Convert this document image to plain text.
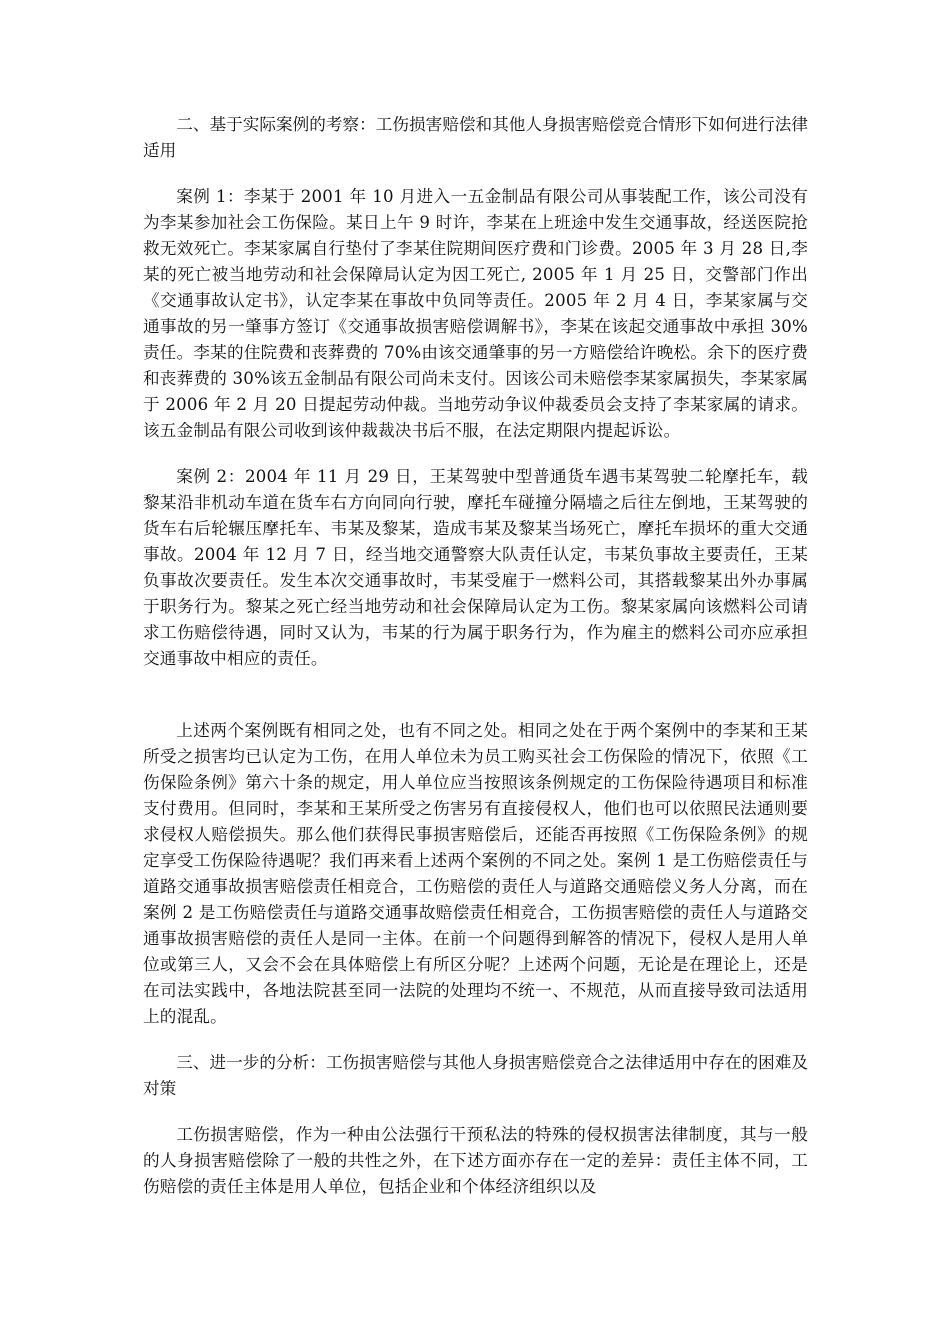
二、基于实际案例的考察：工伤损害赔偿和其他人身损害赔偿竞合情形下如何进行法律适用

案例 1：李某于 2001 年 10 月进入一五金制品有限公司从事装配工作，该公司没有为李某参加社会工伤保险。某日上午 9 时许，李某在上班途中发生交通事故，经送医院抢救无效死亡。李某家属自行垫付了李某住院期间医疗费和门诊费。2005 年 3 月 28 日,李某的死亡被当地劳动和社会保障局认定为因工死亡, 2005 年 1 月 25 日，交警部门作出《交通事故认定书》，认定李某在事故中负同等责任。2005 年 2 月 4 日，李某家属与交通事故的另一肇事方签订《交通事故损害赔偿调解书》，李某在该起交通事故中承担 30%责任。李某的住院费和丧葬费的 70%由该交通肇事的另一方赔偿给许晚松。余下的医疗费和丧葬费的 30%该五金制品有限公司尚未支付。因该公司未赔偿李某家属损失，李某家属于 2006 年 2 月 20 日提起劳动仲裁。当地劳动争议仲裁委员会支持了李某家属的请求。该五金制品有限公司收到该仲裁裁决书后不服，在法定期限内提起诉讼。

案例 2：2004 年 11 月 29 日，王某驾驶中型普通货车遇韦某驾驶二轮摩托车，载黎某沿非机动车道在货车右方向同向行驶，摩托车碰撞分隔墙之后往左倒地，王某驾驶的货车右后轮辗压摩托车、韦某及黎某，造成韦某及黎某当场死亡，摩托车损坏的重大交通事故。2004 年 12 月 7 日，经当地交通警察大队责任认定，韦某负事故主要责任，王某负事故次要责任。发生本次交通事故时，韦某受雇于一燃料公司，其搭载黎某出外办事属于职务行为。黎某之死亡经当地劳动和社会保障局认定为工伤。黎某家属向该燃料公司请求工伤赔偿待遇，同时又认为，韦某的行为属于职务行为，作为雇主的燃料公司亦应承担交通事故中相应的责任。

上述两个案例既有相同之处，也有不同之处。相同之处在于两个案例中的李某和王某所受之损害均已认定为工伤，在用人单位未为员工购买社会工伤保险的情况下，依照《工伤保险条例》第六十条的规定，用人单位应当按照该条例规定的工伤保险待遇项目和标准支付费用。但同时，李某和王某所受之伤害另有直接侵权人，他们也可以依照民法通则要求侵权人赔偿损失。那么他们获得民事损害赔偿后，还能否再按照《工伤保险条例》的规定享受工伤保险待遇呢？我们再来看上述两个案例的不同之处。案例 1 是工伤赔偿责任与道路交通事故损害赔偿责任相竞合，工伤赔偿的责任人与道路交通赔偿义务人分离，而在案例 2 是工伤赔偿责任与道路交通事故赔偿责任相竞合，工伤损害赔偿的责任人与道路交通事故损害赔偿的责任人是同一主体。在前一个问题得到解答的情况下，侵权人是用人单位或第三人，又会不会在具体赔偿上有所区分呢？上述两个问题，无论是在理论上，还是在司法实践中，各地法院甚至同一法院的处理均不统一、不规范，从而直接导致司法适用上的混乱。

三、进一步的分析：工伤损害赔偿与其他人身损害赔偿竞合之法律适用中存在的困难及对策

工伤损害赔偿，作为一种由公法强行干预私法的特殊的侵权损害法律制度，其与一般的人身损害赔偿除了一般的共性之外，在下述方面亦存在一定的差异：责任主体不同，工伤赔偿的责任主体是用人单位，包括企业和个体经济组织以及
